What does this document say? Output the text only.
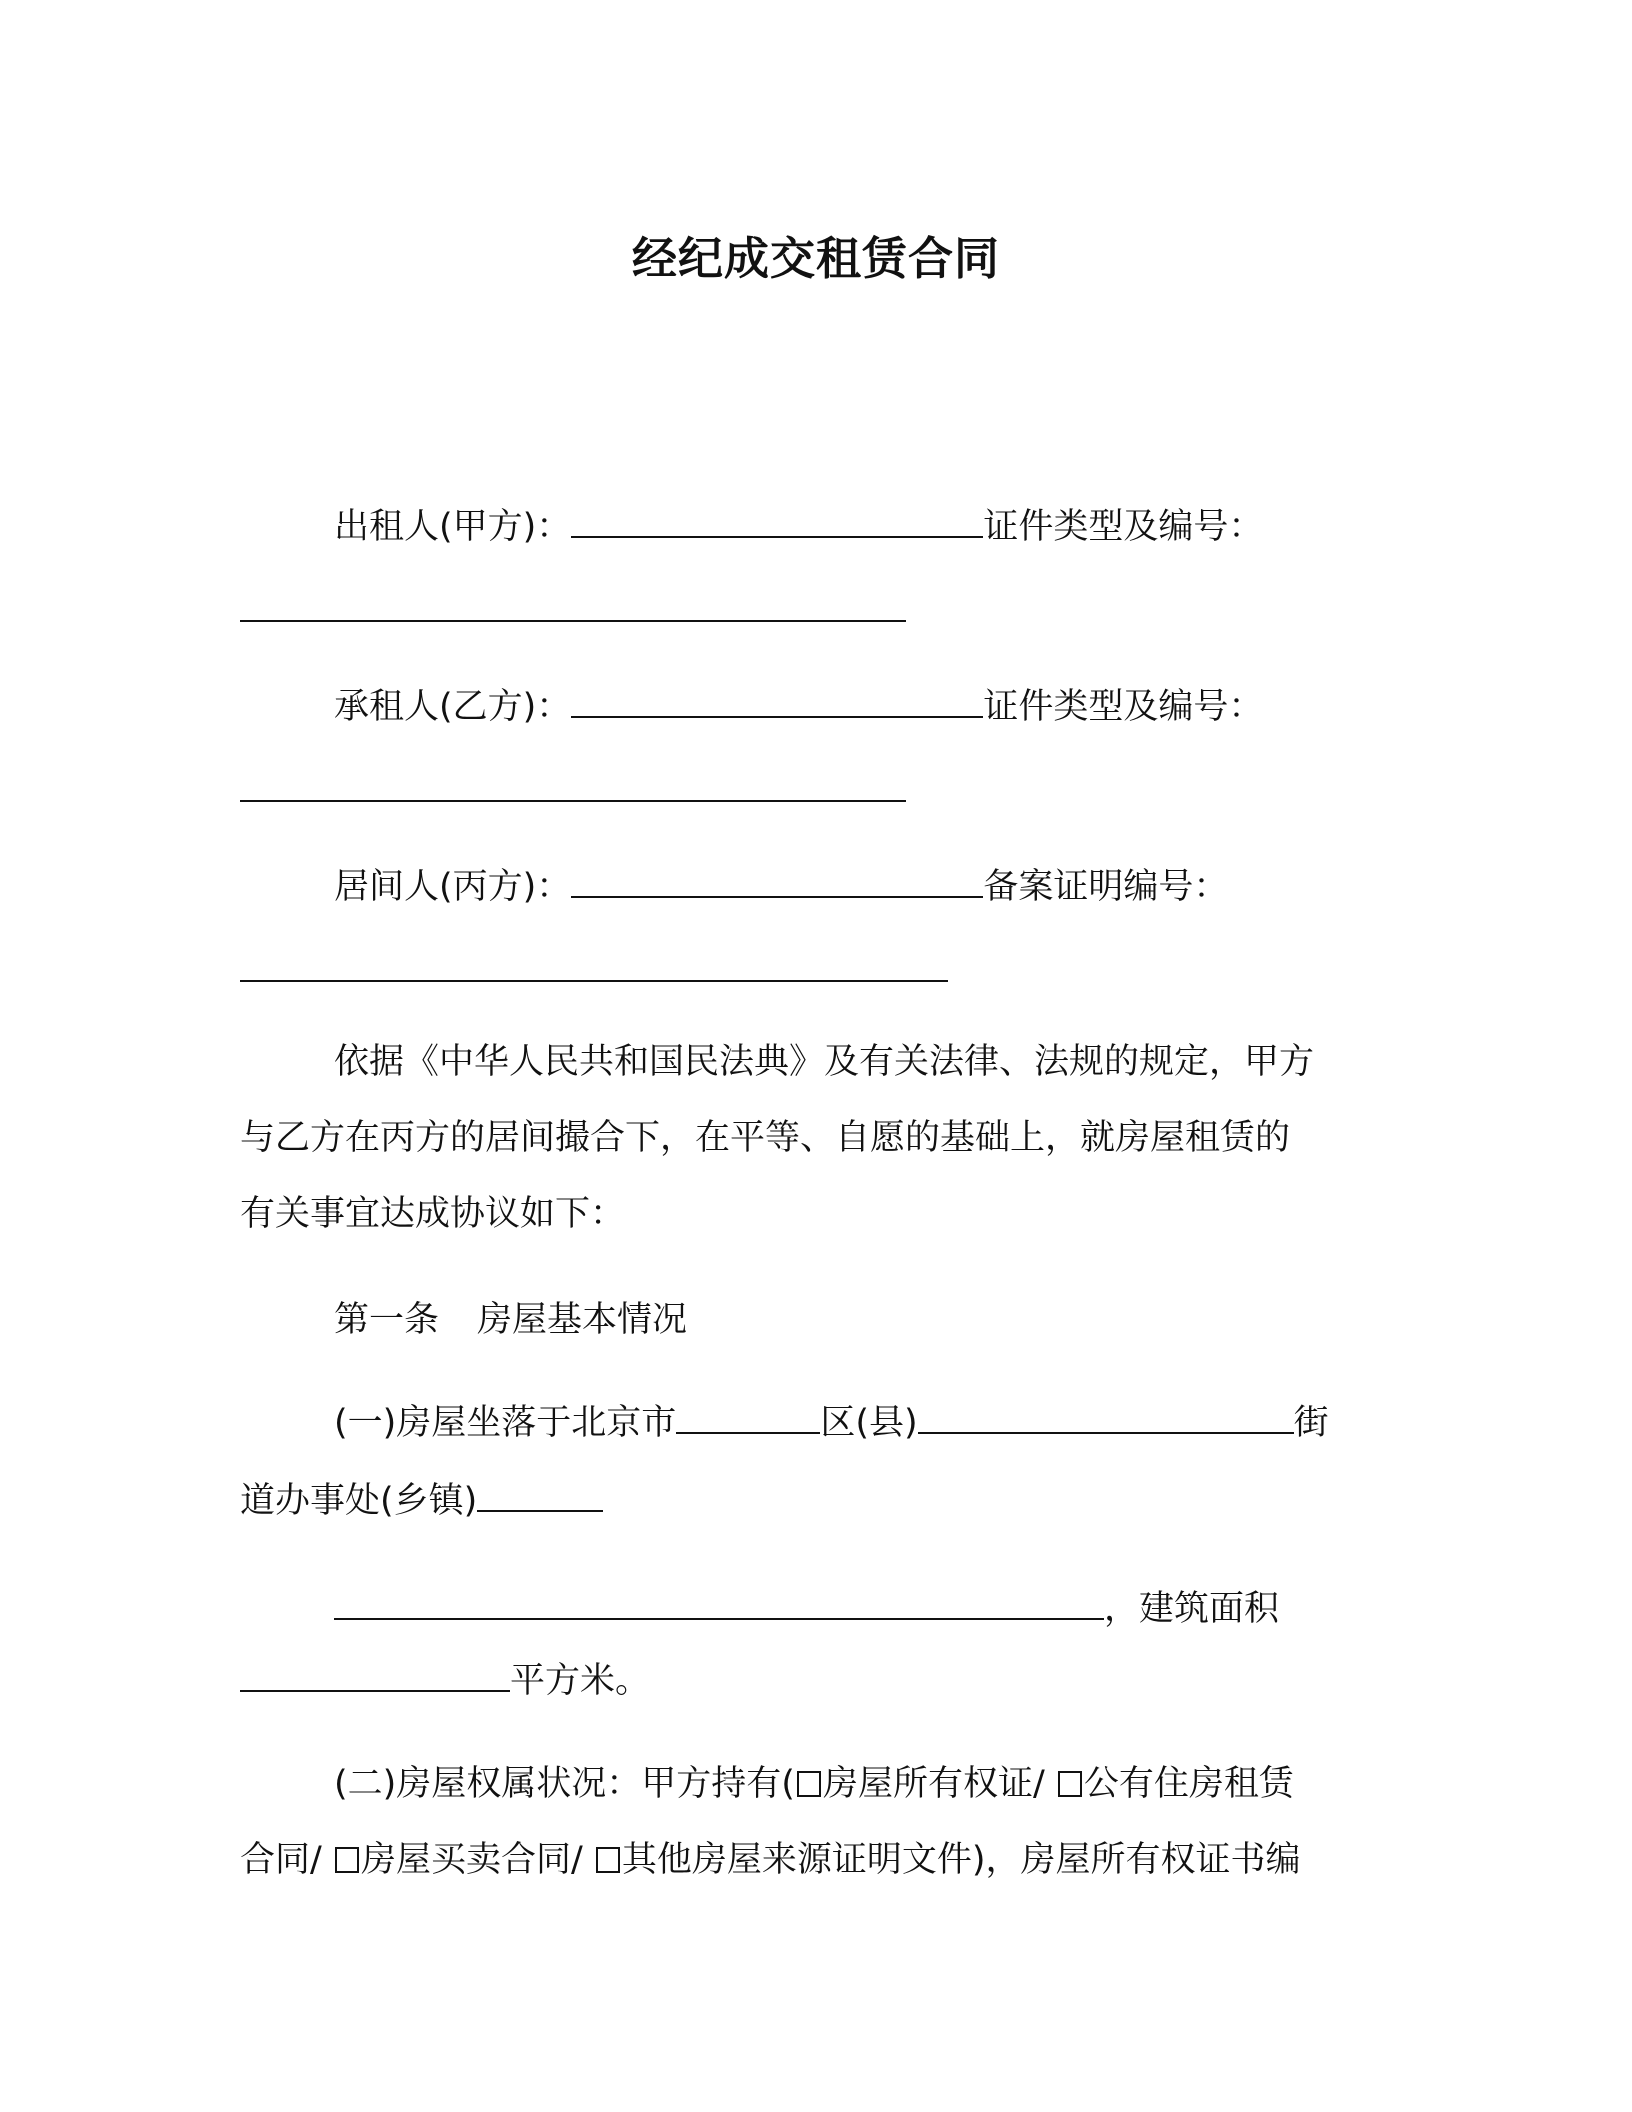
经纪成交租赁合同
出租人(甲方)：	证件类型及编号：
承租人(乙方)：	证件类型及编号：
居间人(丙方)：	备案证明编号：
依据《中华人民共和国民法典》及有关法律、法规的规定，甲方
与乙方在丙方的居间撮合下，在平等、自愿的基础上，就房屋租赁的
有关事宜达成协议如下：
第一条 房屋基本情况
(一)房屋坐落于北京市	区(县)	街
道办事处(乡镇)
，建筑面积
平方米。
(二)房屋权属状况：甲方持有( 房屋所有权证/ 公有住房租赁
合同/ 房屋买卖合同/ 其他房屋来源证明文件)，房屋所有权证书编
